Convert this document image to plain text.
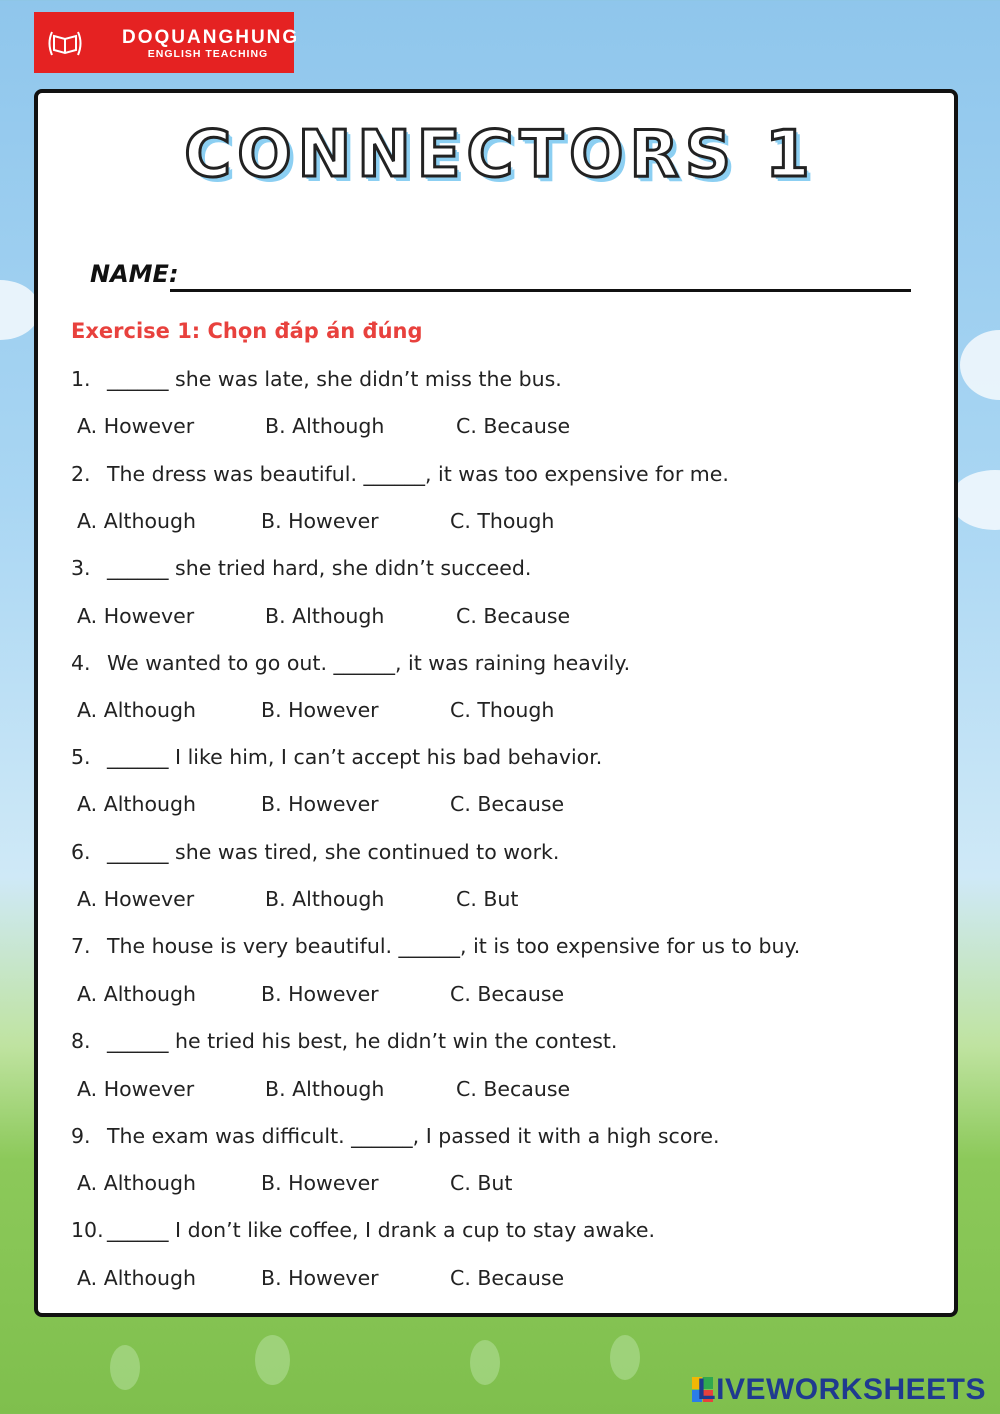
DOQUANGHUNG
ENGLISH TEACHING
CONNECTORS 1
NAME:
Exercise 1: Chọn đáp án đúng
1. ______ she was late, she didn’t miss the bus.
A. However	B. Although	C. Because
2. The dress was beautiful. ______, it was too expensive for me.
A. Although	B. However	C. Though
3. ______ she tried hard, she didn’t succeed.
A. However	B. Although	C. Because
4. We wanted to go out. ______, it was raining heavily.
A. Although	B. However	C. Though
5. ______ I like him, I can’t accept his bad behavior.
A. Although	B. However	C. Because
6. ______ she was tired, she continued to work.
A. However	B. Although	C. But
7. The house is very beautiful. ______, it is too expensive for us to buy.
A. Although	B. However	C. Because
8. ______ he tried his best, he didn’t win the contest.
A. However	B. Although	C. Because
9. The exam was difficult. ______, I passed it with a high score.
A. Although	B. However	C. But
10. ______ I don’t like coffee, I drank a cup to stay awake.
A. Although	B. However	C. Because
LIVEWORKSHEETS
